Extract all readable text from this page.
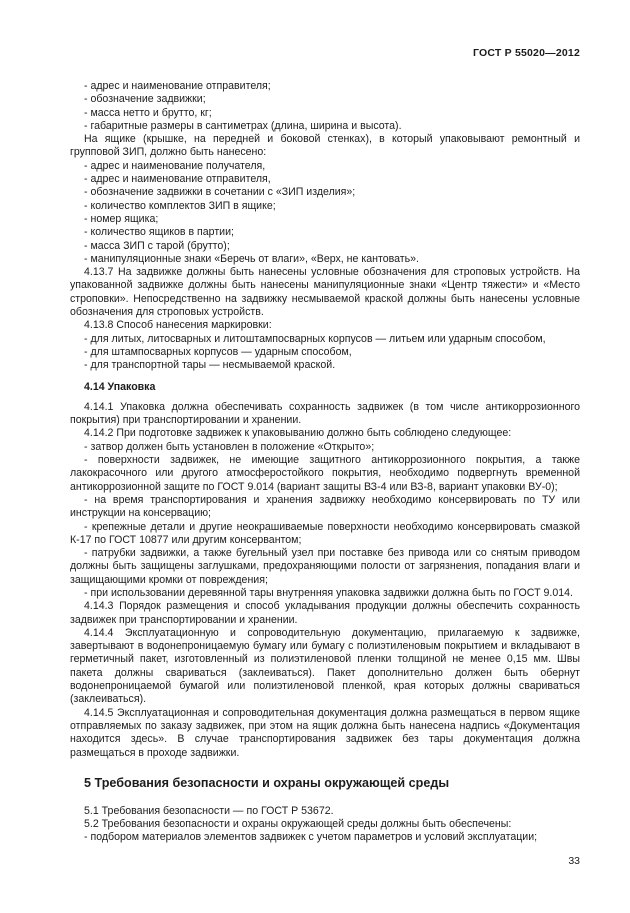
ГОСТ Р 55020—2012

- адрес и наименование отправителя;

- обозначение задвижки;

- масса нетто и брутто, кг;

- габаритные размеры в сантиметрах (длина, ширина и высота).

На ящике (крышке, на передней и боковой стенках), в который упаковывают ремонтный и групповой ЗИП, должно быть нанесено:

- адрес и наименование получателя,

- адрес и наименование отправителя,

- обозначение задвижки в сочетании с «ЗИП изделия»;

- количество комплектов ЗИП в ящике;

- номер ящика;

- количество ящиков в партии;

- масса ЗИП с тарой (брутто);

- манипуляционные знаки «Беречь от влаги», «Верх, не кантовать».

4.13.7 На задвижке должны быть нанесены условные обозначения для строповых устройств. На упакованной задвижке должны быть нанесены манипуляционные знаки «Центр тяжести» и «Место строповки». Непосредственно на задвижку несмываемой краской должны быть нанесены условные обозначения для строповых устройств.

4.13.8 Способ нанесения маркировки:

- для литых, литосварных и литоштампосварных корпусов — литьем или ударным способом,

- для штампосварных корпусов — ударным способом,

- для транспортной тары — несмываемой краской.

4.14 Упаковка

4.14.1 Упаковка должна обеспечивать сохранность задвижек (в том числе антикоррозионного покрытия) при транспортировании и хранении.

4.14.2 При подготовке задвижек к упаковыванию должно быть соблюдено следующее:

- затвор должен быть установлен в положение «Открыто»;

- поверхности задвижек, не имеющие защитного антикоррозионного покрытия, а также лакокрасочного или другого атмосферостойкого покрытия, необходимо подвергнуть временной антикоррозионной защите по ГОСТ 9.014 (вариант защиты ВЗ-4 или ВЗ-8, вариант упаковки ВУ-0);

- на время транспортирования и хранения задвижку необходимо консервировать по ТУ или инструкции на консервацию;

- крепежные детали и другие неокрашиваемые поверхности необходимо консервировать смазкой К-17 по ГОСТ 10877 или другим консервантом;

- патрубки задвижки, а также бугельный узел при поставке без привода или со снятым приводом должны быть защищены заглушками, предохраняющими полости от загрязнения, попадания влаги и защищающими кромки от повреждения;

- при использовании деревянной тары внутренняя упаковка задвижки должна быть по ГОСТ 9.014.

4.14.3 Порядок размещения и способ укладывания продукции должны обеспечить сохранность задвижек при транспортировании и хранении.

4.14.4 Эксплуатационную и сопроводительную документацию, прилагаемую к задвижке, завертывают в водонепроницаемую бумагу или бумагу с полиэтиленовым покрытием и вкладывают в герметичный пакет, изготовленный из полиэтиленовой пленки толщиной не менее 0,15 мм. Швы пакета должны свариваться (заклеиваться). Пакет дополнительно должен быть обернут водонепроницаемой бумагой или полиэтиленовой пленкой, края которых должны свариваться (заклеиваться).

4.14.5 Эксплуатационная и сопроводительная документация должна размещаться в первом ящике отправляемых по заказу задвижек, при этом на ящик должна быть нанесена надпись «Документация находится здесь». В случае транспортирования задвижек без тары документация должна размещаться в проходе задвижки.

5 Требования безопасности и охраны окружающей среды

5.1 Требования безопасности — по ГОСТ Р 53672.

5.2 Требования безопасности и охраны окружающей среды должны быть обеспечены:

- подбором материалов элементов задвижек с учетом параметров и условий эксплуатации;

33
